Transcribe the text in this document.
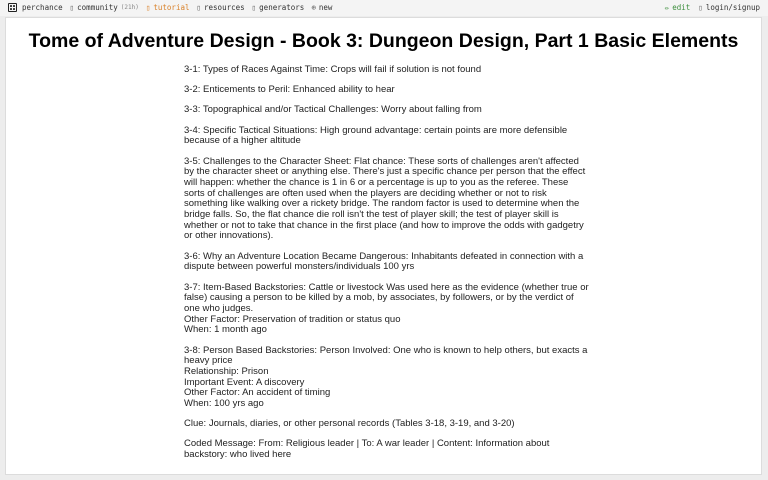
perchance ▯ community (21h) ▯ tutorial ▯ resources ▯ generators ⊕ new	✏ edit ▯ login/signup
Tome of Adventure Design - Book 3: Dungeon Design, Part 1 Basic Elements

3-1: Types of Races Against Time: Crops will fail if solution is not found

3-2: Enticements to Peril: Enhanced ability to hear

3-3: Topographical and/or Tactical Challenges: Worry about falling from

3-4: Specific Tactical Situations: High ground advantage: certain points are more defensible because of a higher altitude

3-5: Challenges to the Character Sheet: Flat chance: These sorts of challenges aren't affected by the character sheet or anything else. There's just a specific chance per person that the effect will happen: whether the chance is 1 in 6 or a percentage is up to you as the referee. These sorts of challenges are often used when the players are deciding whether or not to risk something like walking over a rickety bridge. The random factor is used to determine when the bridge falls. So, the flat chance die roll isn't the test of player skill; the test of player skill is whether or not to take that chance in the first place (and how to improve the odds with gadgetry or other innovations).

3-6: Why an Adventure Location Became Dangerous: Inhabitants defeated in connection with a dispute between powerful monsters/individuals 100 yrs

3-7: Item-Based Backstories: Cattle or livestock Was used here as the evidence (whether true or false) causing a person to be killed by a mob, by associates, by followers, or by the verdict of one who judges.
Other Factor: Preservation of tradition or status quo
When: 1 month ago

3-8: Person Based Backstories: Person Involved: One who is known to help others, but exacts a heavy price
Relationship: Prison
Important Event: A discovery
Other Factor: An accident of timing
When: 100 yrs ago

Clue: Journals, diaries, or other personal records (Tables 3-18, 3-19, and 3-20)

Coded Message: From: Religious leader | To: A war leader | Content: Information about backstory: who lived here
